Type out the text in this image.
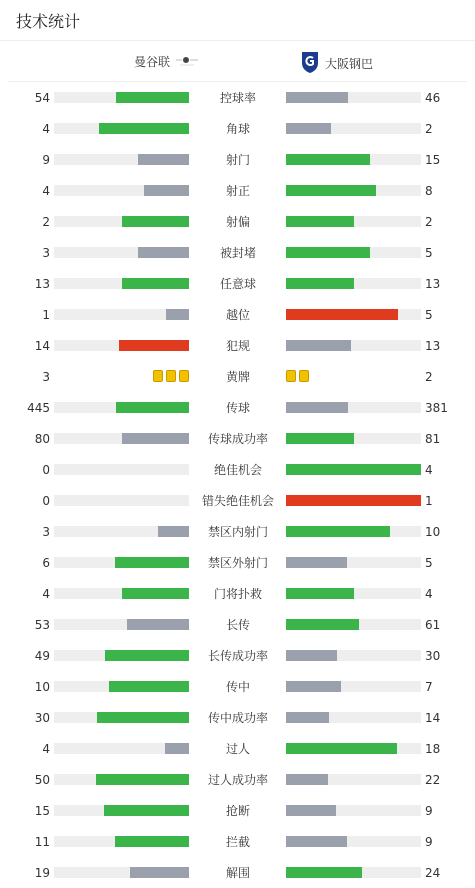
技术统计
曼谷联	大阪钢巴
54	控球率	46
4	角球	2
9	射门	15
4	射正	8
2	射偏	2
3	被封堵	5
13	任意球	13
1	越位	5
14	犯规	13
3	黄牌	2
445	传球	381
80	传球成功率	81
0	绝佳机会	4
0	错失绝佳机会	1
3	禁区内射门	10
6	禁区外射门	5
4	门将扑救	4
53	长传	61
49	长传成功率	30
10	传中	7
30	传中成功率	14
4	过人	18
50	过人成功率	22
15	抢断	9
11	拦截	9
19	解围	24
